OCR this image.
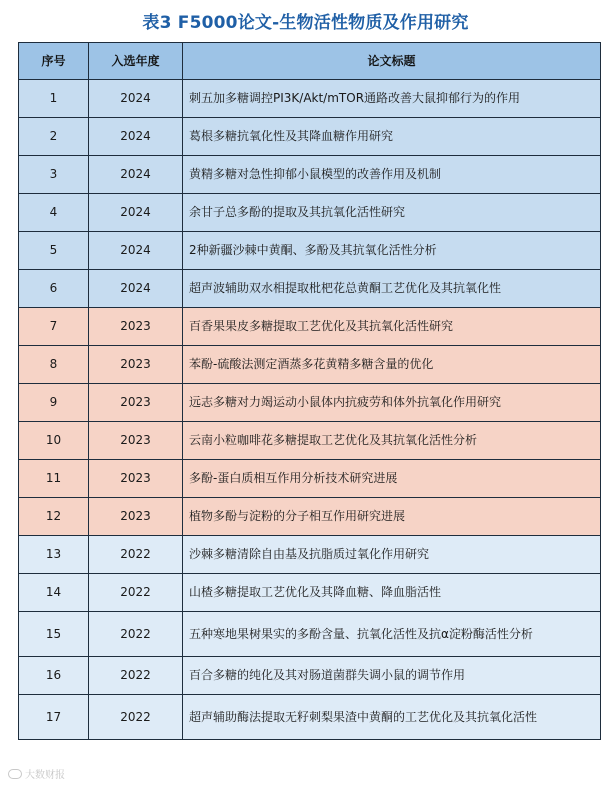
表3 F5000论文-生物活性物质及作用研究
序号	入选年度	论文标题
1	2024	刺五加多糖调控PI3K/Akt/mTOR通路改善大鼠抑郁行为的作用
2	2024	葛根多糖抗氧化性及其降血糖作用研究
3	2024	黄精多糖对急性抑郁小鼠模型的改善作用及机制
4	2024	余甘子总多酚的提取及其抗氧化活性研究
5	2024	2种新疆沙棘中黄酮、多酚及其抗氧化活性分析
6	2024	超声波辅助双水相提取枇杷花总黄酮工艺优化及其抗氧化性
7	2023	百香果果皮多糖提取工艺优化及其抗氧化活性研究
8	2023	苯酚-硫酸法测定酒蒸多花黄精多糖含量的优化
9	2023	远志多糖对力竭运动小鼠体内抗疲劳和体外抗氧化作用研究
10	2023	云南小粒咖啡花多糖提取工艺优化及其抗氧化活性分析
11	2023	多酚-蛋白质相互作用分析技术研究进展
12	2023	植物多酚与淀粉的分子相互作用研究进展
13	2022	沙棘多糖清除自由基及抗脂质过氧化作用研究
14	2022	山楂多糖提取工艺优化及其降血糖、降血脂活性
15	2022	五种寒地果树果实的多酚含量、抗氧化活性及抗α淀粉酶活性分析
16	2022	百合多糖的纯化及其对肠道菌群失调小鼠的调节作用
17	2022	超声辅助酶法提取无籽刺梨果渣中黄酮的工艺优化及其抗氧化活性
大数财报
